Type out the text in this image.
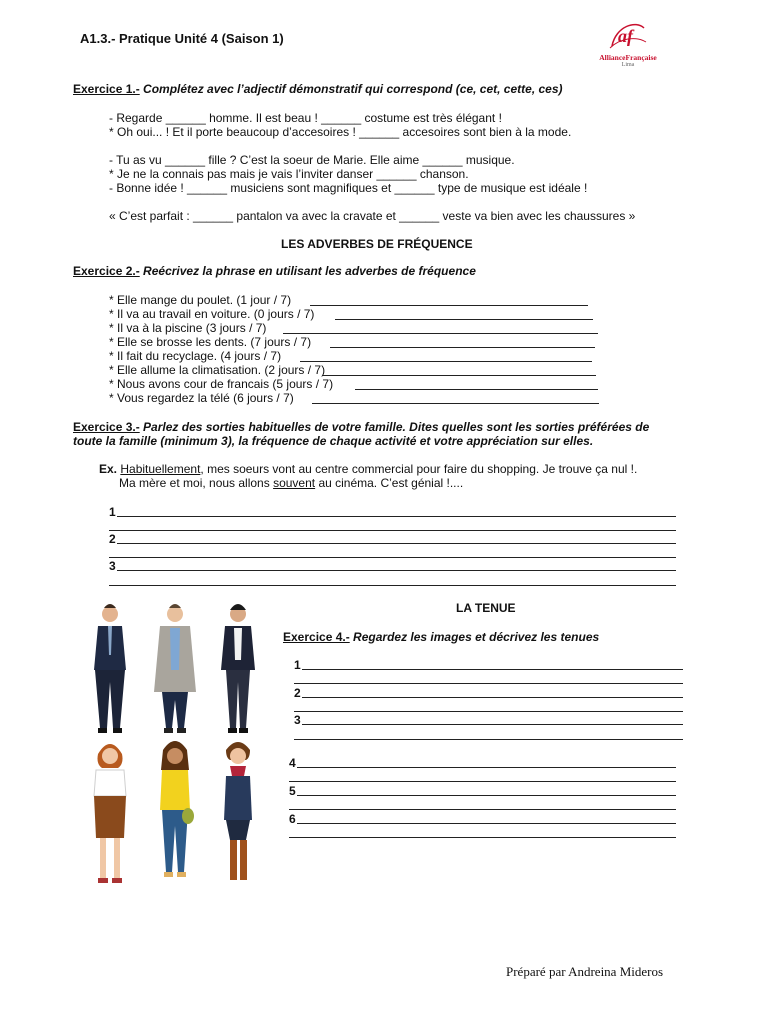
A1.3.- Pratique Unité 4 (Saison 1)	af
AllianceFrançaise
Lima
Exercice 1.- Complétez avec l’adjectif démonstratif qui correspond (ce, cet, cette, ces)
- Regarde ______ homme. Il est beau ! ______ costume est très élégant !
* Oh oui... ! Et il porte beaucoup d’accesoires ! ______ accesoires sont bien à la mode.
- Tu as vu ______ fille ? C’est la soeur de Marie. Elle aime ______ musique.
* Je ne la connais pas mais je vais l’inviter danser ______ chanson.
- Bonne idée ! ______ musiciens sont magnifiques et ______ type de musique est idéale !
« C’est parfait : ______ pantalon va avec la cravate et ______ veste va bien avec les chaussures »
LES ADVERBES DE FRÉQUENCE
Exercice 2.- Reécrivez la phrase en utilisant les adverbes de fréquence
* Elle mange du poulet. (1 jour / 7)
* Il va au travail en voiture. (0 jours / 7)
* Il va à la piscine (3 jours / 7)
* Elle se brosse les dents. (7 jours / 7)
* Il fait du recyclage. (4 jours / 7)
* Elle allume la climatisation. (2 jours / 7)
* Nous avons cour de francais (5 jours / 7)
* Vous regardez la télé (6 jours / 7)
Exercice 3.- Parlez des sorties habituelles de votre famille. Dites quelles sont les sorties préférées de
toute la famille (minimum 3), la fréquence de chaque activité et votre appréciation sur elles.
Ex. Habituellement, mes soeurs vont au centre commercial pour faire du shopping. Je trouve ça nul !.
Ma mère et moi, nous allons souvent au cinéma. C’est génial !....
1
2
3
LA TENUE
Exercice 4.- Regardez les images et décrivez les tenues
1
2
3
4
5
6
Préparé par Andreina Mideros
